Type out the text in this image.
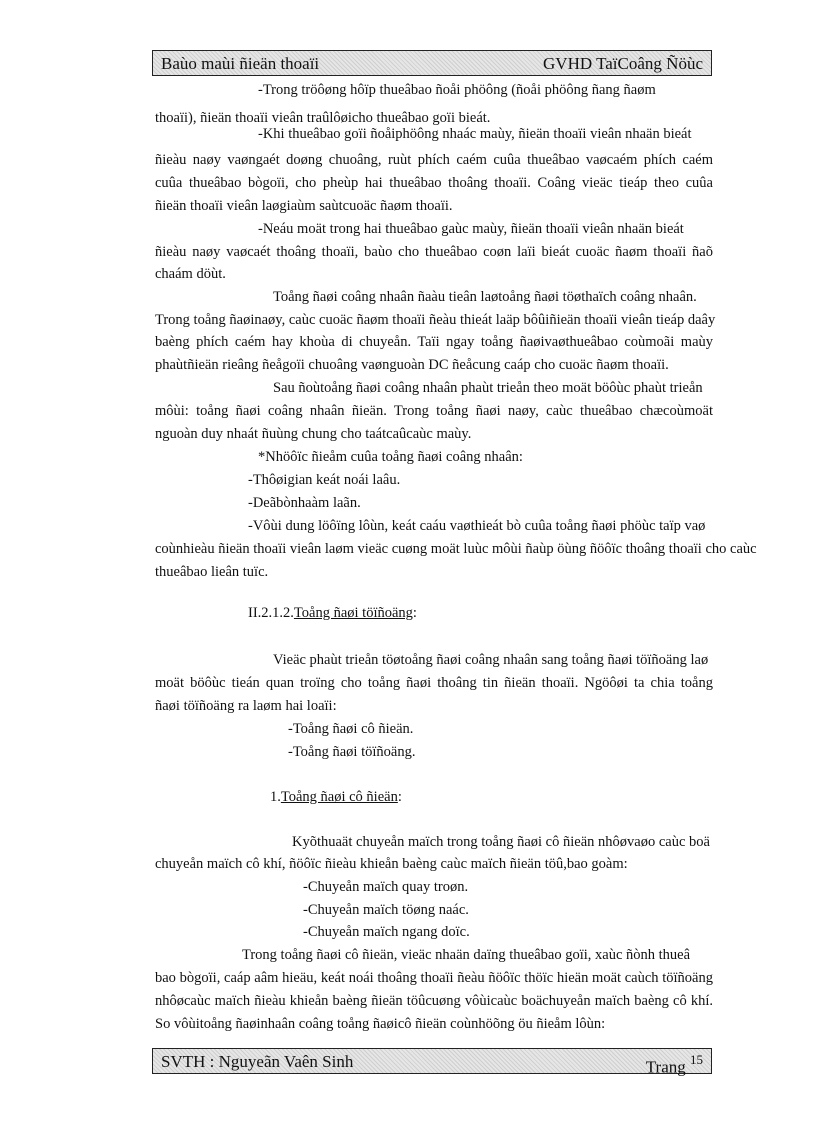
Baùo maùi ñieän thoaïi	GVHD TaïCoâng Ñöùc
-Trong tröôøng hôïp thueâbao ñoåi phöông (ñoåi phöông ñang ñaøm
thoaïi), ñieän thoaïi vieân traûlôøicho thueâbao goïi bieát.
-Khi thueâbao goïi ñoåiphöông nhaác maùy, ñieän thoaïi vieân nhaän bieát
ñieàu naøy vaøngaét doøng chuoâng, ruùt phích caém cuûa thueâbao vaøcaém phích caém
cuûa thueâbao bògoïi, cho pheùp hai thueâbao thoâng thoaïi. Coâng vieäc tieáp theo cuûa
ñieän thoaïi vieân laøgiaùm saùtcuoäc ñaøm thoaïi.
-Neáu moät trong hai thueâbao gaùc maùy, ñieän thoaïi vieân nhaän bieát
ñieàu naøy vaøcaét thoâng thoaïi, baùo cho thueâbao coøn laïi bieát cuoäc ñaøm thoaïi ñaõ
chaám döùt.
Toång ñaøi coâng nhaân ñaàu tieân laøtoång ñaøi töøthaïch coâng nhaân.
Trong toång ñaøinaøy, caùc cuoäc ñaøm thoaïi ñeàu thieát laäp bôûiñieän thoaïi vieân tieáp daây
baèng phích caém hay khoùa di chuyeån. Taïi ngay toång ñaøivaøthueâbao coùmoãi maùy
phaùtñieän rieâng ñeågoïi chuoâng vaønguoàn DC ñeåcung caáp cho cuoäc ñaøm thoaïi.
Sau ñoùtoång ñaøi coâng nhaân phaùt trieån theo moät böôùc phaùt trieån
môùi: toång ñaøi coâng nhaân ñieän. Trong toång ñaøi naøy, caùc thueâbao chæcoùmoät
nguoàn duy nhaát ñuùng chung cho taátcaûcaùc maùy.
*Nhöôïc ñieåm cuûa toång ñaøi coâng nhaân:
-Thôøigian keát noái laâu.
-Deãbònhaàm laãn.
-Vôùi dung löôïng lôùn, keát caáu vaøthieát bò cuûa toång ñaøi phöùc taïp vaø
coùnhieàu ñieän thoaïi vieân laøm vieäc cuøng moät luùc môùi ñaùp öùng ñöôïc thoâng thoaïi cho caùc
thueâbao lieân tuïc.
II.2.1.2.Toång ñaøi töïñoäng:
Vieäc phaùt trieån töøtoång ñaøi coâng nhaân sang toång ñaøi töïñoäng laø
moät böôùc tieán quan troïng cho toång ñaøi thoâng tin ñieän thoaïi. Ngöôøi ta chia toång
ñaøi töïñoäng ra laøm hai loaïi:
-Toång ñaøi cô ñieän.
-Toång ñaøi töïñoäng.
1.Toång ñaøi cô ñieän:
Kyõthuaät chuyeån maïch trong toång ñaøi cô ñieän nhôøvaøo caùc boä
chuyeån maïch cô khí, ñöôïc ñieàu khieån baèng caùc maïch ñieän töû,bao goàm:
-Chuyeån maïch quay troøn.
-Chuyeån maïch töøng naác.
-Chuyeån maïch ngang doïc.
Trong toång ñaøi cô ñieän, vieäc nhaän daïng thueâbao goïi, xaùc ñònh thueâ
bao bògoïi, caáp aâm hieäu, keát noái thoâng thoaïi ñeàu ñöôïc thöïc hieän moät caùch töïñoäng
nhôøcaùc maïch ñieàu khieån baèng ñieän töûcuøng vôùicaùc boächuyeån maïch baèng cô khí.
So vôùitoång ñaøinhaân coâng toång ñaøicô ñieän coùnhöõng öu ñieåm lôùn:
SVTH : Nguyeãn Vaên Sinh	Trang $^{15}$
